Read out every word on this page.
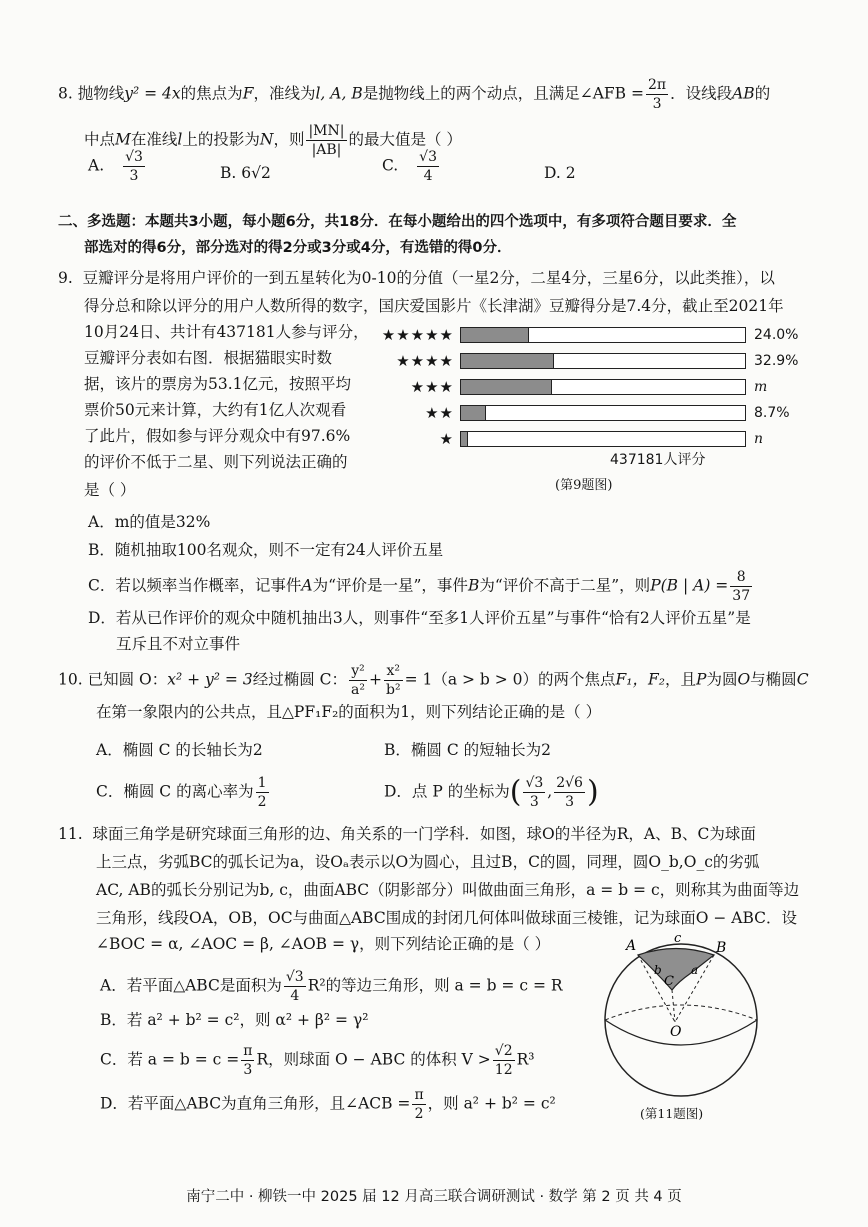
8. 抛物线y² = 4x的焦点为F，准线为l, A, B是抛物线上的两个动点，且满足∠AFB = $\frac{2\pi}{3}$ ．设线段AB的
中点M在准线l上的投影为N，则 $\frac{|MN|}{|AB|}$ 的最大值是（ ）
A. $\frac{√3}{3}$	B. 6√2	C. $\frac{√3}{4}$	D. 2
二、多选题：本题共3小题，每小题6分，共18分．在每小题给出的四个选项中，有多项符合题目要求．全
部选对的得6分，部分选对的得2分或3分或4分，有选错的得0分．
9. 豆瓣评分是将用户评价的一到五星转化为0-10的分值（一星2分，二星4分，三星6分，以此类推），以
得分总和除以评分的用户人数所得的数字，国庆爱国影片《长津湖》豆瓣得分是7.4分，截止至2021年
10月24日、共计有437181人参与评分，
豆瓣评分表如右图．根据猫眼实时数
据，该片的票房为53.1亿元，按照平均
票价50元来计算，大约有1亿人次观看
了此片，假如参与评分观众中有97.6%
的评价不低于二星、则下列说法正确的
是（ ）
★★★★★	24.0%
★★★★	32.9%
★★★	m
★★	8.7%
★	n
437181人评分
(第9题图)
A．m的值是32%
B．随机抽取100名观众，则不一定有24人评价五星
C．若以频率当作概率，记事件A为“评价是一星”，事件B为“评价不高于二星”，则P(B | $A) = \frac{8}{37}$
D．若从已作评价的观众中随机抽出3人，则事件“至多1人评价五星”与事件“恰有2人评价五星”是
互斥且不对立事件
10. 已知圆 O：x² + y² = 3经过椭圆 C： $\frac{\text{y²}}{\text{a²}} + \frac{\text{x²}}{\text{b²}} = 1(a > b > 0)$的两个焦点F₁，F₂，且P为圆O与椭圆C
在第一象限内的公共点，且△PF₁F₂的面积为1，则下列结论正确的是（ ）
A．椭圆 C 的长轴长为2	B．椭圆 C 的短轴长为2
C．椭圆 C 的离心率为 $\frac{1}{2}$	D．点 P 的坐标为( $\frac{√3}{3}$ , $\frac{2√6}{3}$ )
11. 球面三角学是研究球面三角形的边、角关系的一门学科．如图，球O的半径为R，A、B、C为球面
上三点，劣弧BC的弧长记为a，设Oₐ表示以O为圆心，且过B，C的圆，同理，圆O_b,O_c的劣弧
AC, AB的弧长分别记为b, c，曲面ABC（阴影部分）叫做曲面三角形，a = b = c，则称其为曲面等边
三角形，线段OA，OB，OC与曲面△ABC围成的封闭几何体叫做球面三棱锥，记为球面O − ABC．设
∠BOC = α, ∠AOC = β, ∠AOB = γ，则下列结论正确的是（ ）
A．若平面△ABC是面积为 $\frac{√3}{4} R^2$的等边三角形，则 a = b = c = R
B．若 a² + b² = c²，则 α² + β² = γ²
C．若 $a = b = c = \frac{\pi}{3}$ R，则球面 O − ABC 的体积 $V > \frac{√2}{12} R^3$
D．若平面△ABC为直角三角形，且∠ACB = $\frac{\pi}{2}$ ，则 a² + b² = c²
A	B
C
O
c
b a
(第11题图)
南宁二中 · 柳铁一中 2025 届 12 月高三联合调研测试 · 数学 第 2 页 共 4 页
